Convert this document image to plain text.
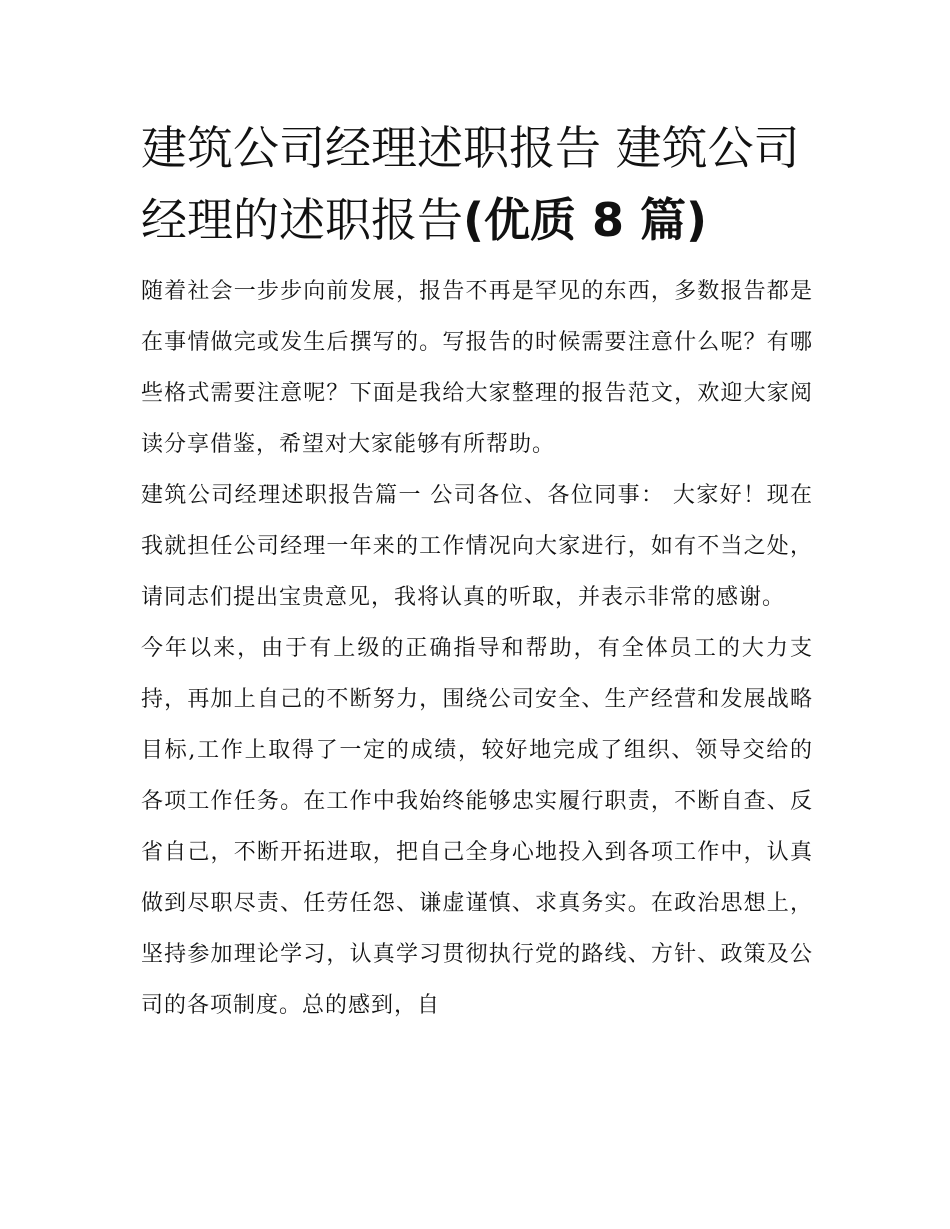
建筑公司经理述职报告 建筑公司经理的述职报告(优质 8 篇)

随着社会一步步向前发展，报告不再是罕见的东西，多数报告都是在事情做完或发生后撰写的。写报告的时候需要注意什么呢？有哪些格式需要注意呢？下面是我给大家整理的报告范文，欢迎大家阅读分享借鉴，希望对大家能够有所帮助。

建筑公司经理述职报告篇一 公司各位、各位同事： 大家好！现在我就担任公司经理一年来的工作情况向大家进行，如有不当之处，请同志们提出宝贵意见，我将认真的听取，并表示非常的感谢。

今年以来，由于有上级的正确指导和帮助，有全体员工的大力支持，再加上自己的不断努力，围绕公司安全、生产经营和发展战略目标,工作上取得了一定的成绩，较好地完成了组织、领导交给的各项工作任务。在工作中我始终能够忠实履行职责，不断自查、反省自己，不断开拓进取，把自己全身心地投入到各项工作中，认真做到尽职尽责、任劳任怨、谦虚谨慎、求真务实。在政治思想上，坚持参加理论学习，认真学习贯彻执行党的路线、方针、政策及公司的各项制度。总的感到，自
